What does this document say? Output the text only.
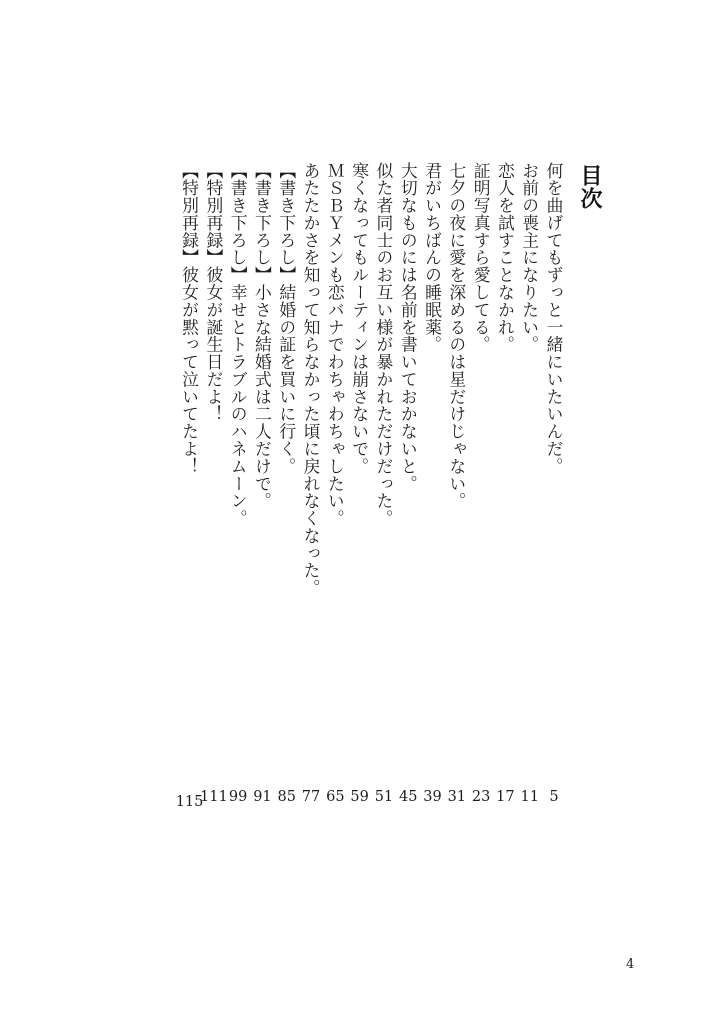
目次
何を曲げてもずっと一緒にいたいんだ。
5
お前の喪主になりたい。
11
恋人を試すことなかれ。
17
証明写真すら愛してる。
23
七夕の夜に愛を深めるのは星だけじゃない。
31
君がいちばんの睡眠薬。
39
大切なものには名前を書いておかないと。
45
似た者同士のお互い様が暴かれただけだった。
51
寒くなってもルーティンは崩さないで。
59
ＭＳＢＹメンも恋バナでわちゃわちゃしたい。
65
あたたかさを知って知らなかった頃に戻れなくなった。
77
【書き下ろし】結婚の証を買いに行く。
85
【書き下ろし】小さな結婚式は二人だけで。
91
【書き下ろし】幸せとトラブルのハネムーン。
99
【特別再録】彼女が誕生日だよ！
111
【特別再録】彼女が黙って泣いてたよ！
115
4
